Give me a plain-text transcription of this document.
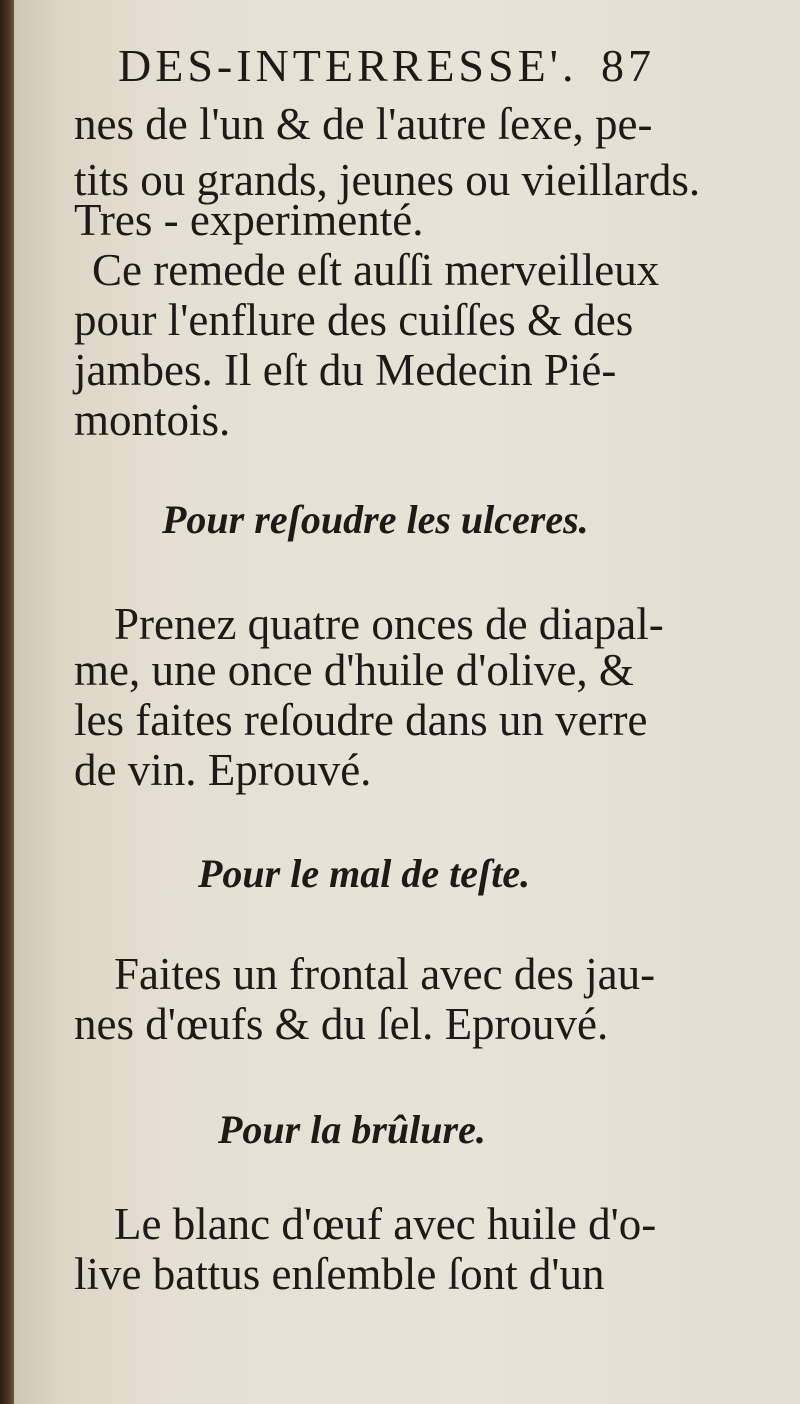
DES-INTERRESSE'. 87

nes de l'un & de l'autre ſexe, pe-

tits ou grands, jeunes ou vieillards.

Tres - experimenté.

Ce remede eſt auſſi merveilleux

pour l'enflure des cuiſſes & des

jambes. Il eſt du Medecin Pié-

montois.

Pour reſoudre les ulceres.

Prenez quatre onces de diapal-

me, une once d'huile d'olive, &

les faites reſoudre dans un verre

de vin. Eprouvé.

Pour le mal de teſte.

Faites un frontal avec des jau-

nes d'œufs & du ſel. Eprouvé.

Pour la brûlure.

Le blanc d'œuf avec huile d'o-

live battus enſemble ſont d'un
